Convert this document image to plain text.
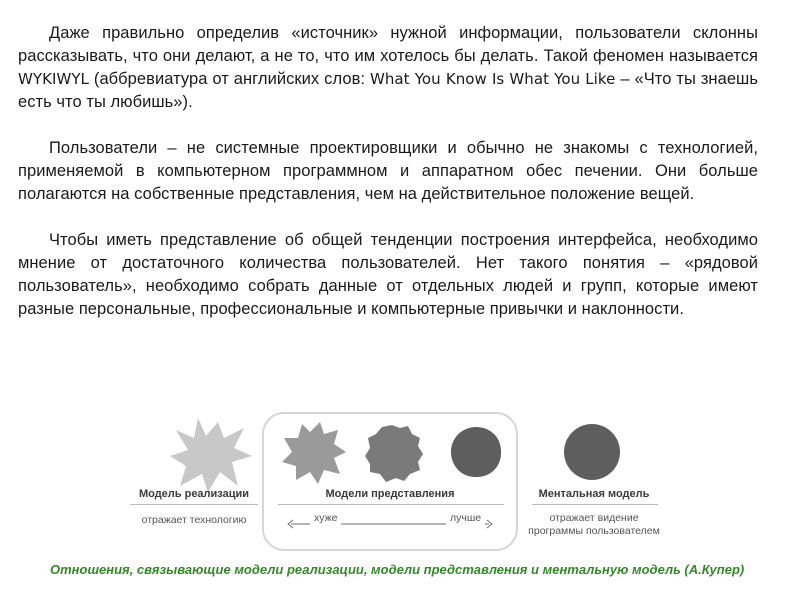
Даже правильно определив «источник» нужной информации, пользователи склонны рассказывать, что они делают, а не то, что им хотелось бы делать. Такой феномен называется WYKIWYL (аббревиатура от английских слов: What You Know Is What You Like – «Что ты знаешь есть что ты любишь»).

Пользователи – не системные проектировщики и обычно не знакомы с технологией, применяемой в компьютерном программном и аппаратном обес печении. Они больше полагаются на собственные представления, чем на действительное положение вещей.

Чтобы иметь представление об общей тенденции построения интерфейса, необходимо мнение от достаточного количества пользователей. Нет такого понятия – «рядовой пользователь», необходимо собрать данные от отдельных людей и групп, которые имеют разные персональные, профессиональные и компьютерные привычки и наклонности.

Модель реализации
отражает технологию
Модели представления
хуже	лучше
Ментальная модель
отражает видение
программы пользователем
Отношения, связывающие модели реализации, модели представления и ментальную модель (А.Купер)
